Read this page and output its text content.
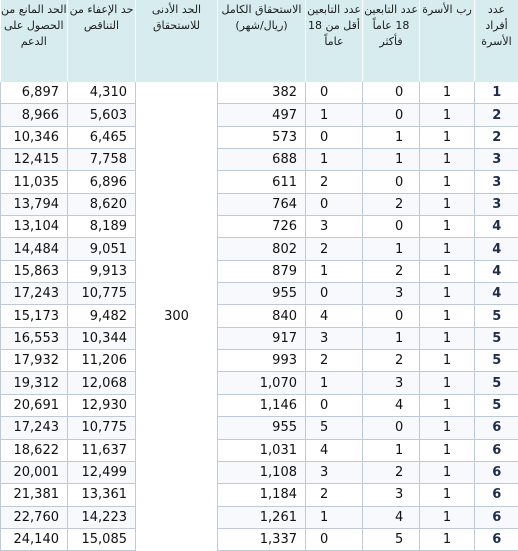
الحد المانع من الحصول على الدعم	حد الإعفاء من التناقص	الحد الأدنى للاستحقاق	الاستحقاق الكامل (ريال/شهر)	عدد التابعين أقل من 18 عاماً	عدد التابعين 18 عاماً فأكثر	رب الأسرة	عدد أفراد الأسرة
6,897	4,310	300	382	0	0	1	1
8,966	5,603		497	1	0	1	2
10,346	6,465		573	0	1	1	2
12,415	7,758		688	1	1	1	3
11,035	6,896		611	2	0	1	3
13,794	8,620		764	0	2	1	3
13,104	8,189		726	3	0	1	4
14,484	9,051		802	2	1	1	4
15,863	9,913		879	1	2	1	4
17,243	10,775		955	0	3	1	4
15,173	9,482		840	4	0	1	5
16,553	10,344		917	3	1	1	5
17,932	11,206		993	2	2	1	5
19,312	12,068		1,070	1	3	1	5
20,691	12,930		1,146	0	4	1	5
17,243	10,775		955	5	0	1	6
18,622	11,637		1,031	4	1	1	6
20,001	12,499		1,108	3	2	1	6
21,381	13,361		1,184	2	3	1	6
22,760	14,223		1,261	1	4	1	6
24,140	15,085		1,337	0	5	1	6
